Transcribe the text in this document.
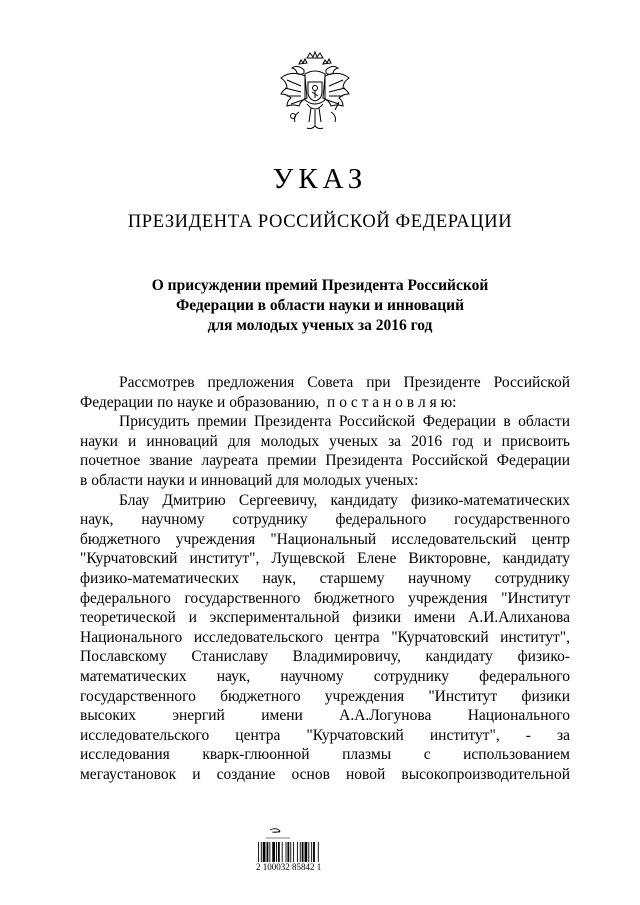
УКАЗ
ПРЕЗИДЕНТА РОССИЙСКОЙ ФЕДЕРАЦИИ
О присуждении премий Президента Российской
Федерации в области науки и инноваций
для молодых ученых за 2016 год
Рассмотрев предложения Совета при Президенте Российской
Федерации по науке и образованию, п о с т а н о в л я ю:
Присудить премии Президента Российской Федерации в области
науки и инноваций для молодых ученых за 2016 год и присвоить
почетное звание лауреата премии Президента Российской Федерации
в области науки и инноваций для молодых ученых:
Блау Дмитрию Сергеевичу, кандидату физико-математических
наук, научному сотруднику федерального государственного
бюджетного учреждения "Национальный исследовательский центр
"Курчатовский институт", Лущевской Елене Викторовне, кандидату
физико-математических наук, старшему научному сотруднику
федерального государственного бюджетного учреждения "Институт
теоретической и экспериментальной физики имени А.И.Алиханова
Национального исследовательского центра "Курчатовский институт",
Пославскому Станиславу Владимировичу, кандидату физико-
математических наук, научному сотруднику федерального
государственного бюджетного учреждения "Институт физики
высоких энергий имени А.А.Логунова Национального
исследовательского центра "Курчатовский институт", - за
исследования кварк-глюонной плазмы с использованием
мегаустановок и создание основ новой высокопроизводительной
2 100032 85842 1
